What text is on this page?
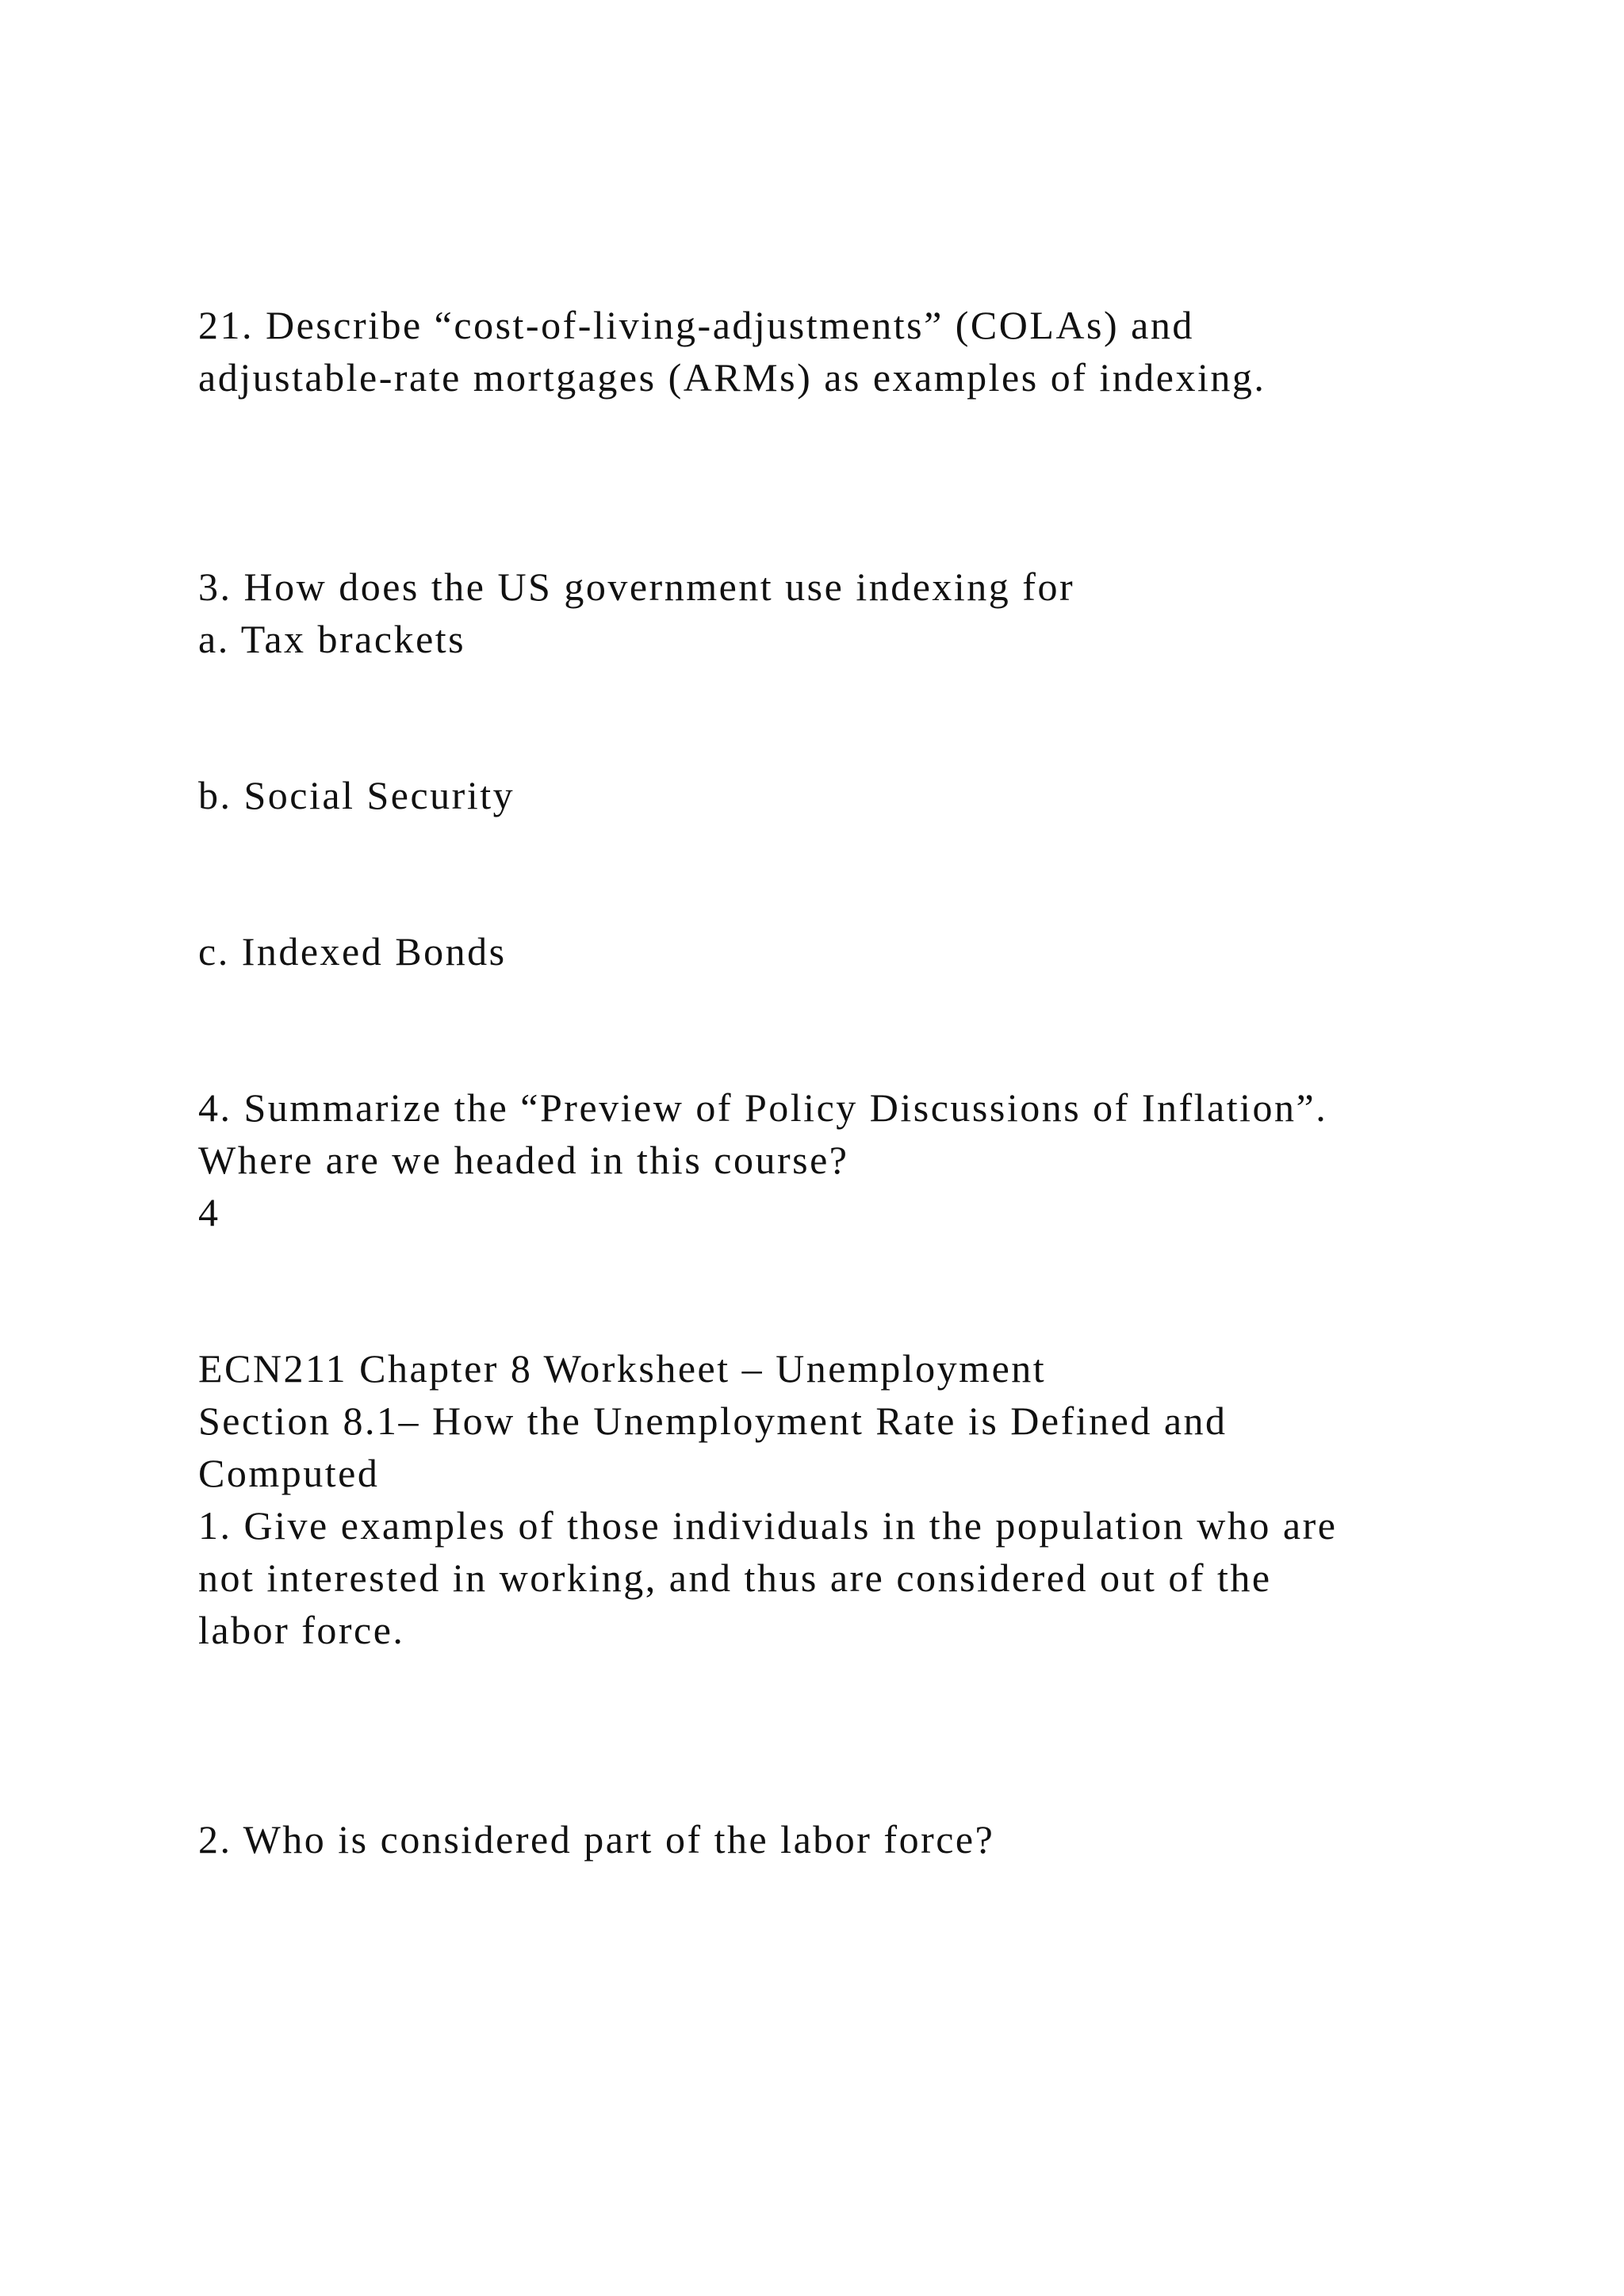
21. Describe “cost-of-living-adjustments” (COLAs) and

adjustable-rate mortgages (ARMs) as examples of indexing.

3. How does the US government use indexing for

a. Tax brackets

b. Social Security

c. Indexed Bonds

4. Summarize the “Preview of Policy Discussions of Inflation”.

Where are we headed in this course?

4

ECN211 Chapter 8 Worksheet – Unemployment

Section 8.1– How the Unemployment Rate is Defined and

Computed

1. Give examples of those individuals in the population who are

not interested in working, and thus are considered out of the

labor force.

2. Who is considered part of the labor force?
